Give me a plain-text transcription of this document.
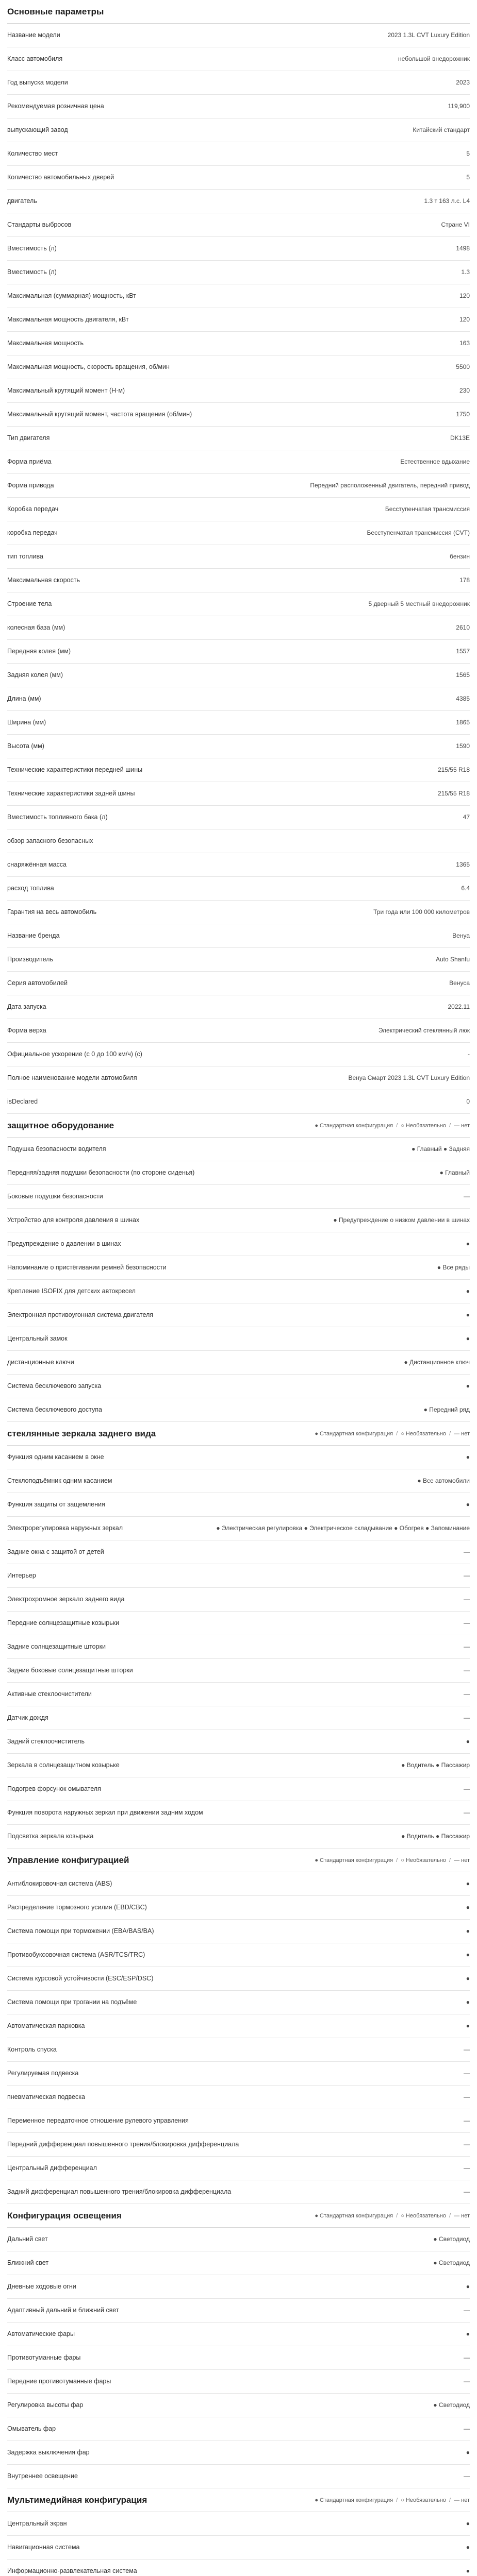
Основные параметры
Название модели	2023 1.3L CVT Luxury Edition
Класс автомобиля	небольшой внедорожник
Год выпуска модели	2023
Рекомендуемая розничная цена	119,900
выпускающий завод	Китайский стандарт
Количество мест	5
Количество автомобильных дверей	5
двигатель	1.3 т 163 л.с. L4
Стандарты выбросов	Стране VI
Вместимость (л)	1498
Вместимость (л)	1.3
Максимальная (суммарная) мощность, кВт	120
Максимальная мощность двигателя, кВт	120
Максимальная мощность	163
Максимальная мощность, скорость вращения, об/мин	5500
Максимальный крутящий момент (Н·м)	230
Максимальный крутящий момент, частота вращения (об/мин)	1750
Тип двигателя	DK13E
Форма приёма	Естественное вдыхание
Форма привода	Передний расположенный двигатель, передний привод
Коробка передач	Бесступенчатая трансмиссия
коробка передач	Бесступенчатая трансмиссия (CVT)
тип топлива	бензин
Максимальная скорость	178
Строение тела	5 дверный 5 местный внедорожник
колесная база (мм)	2610
Передняя колея (мм)	1557
Задняя колея (мм)	1565
Длина (мм)	4385
Ширина (мм)	1865
Высота (мм)	1590
Технические характеристики передней шины	215/55 R18
Технические характеристики задней шины	215/55 R18
Вместимость топливного бака (л)	47
обзор запасного безопасных
снаряжённая масса	1365
расход топлива	6.4
Гарантия на весь автомобиль	Три года или 100 000 километров
Название бренда	Венуа
Производитель	Auto Shanfu
Серия автомобилей	Венуса
Дата запуска	2022.11
Форма верха	Электрический стеклянный люк
Официальное ускорение (с 0 до 100 км/ч) (с)	-
Полное наименование модели автомобиля	Венуа Смарт 2023 1.3L CVT Luxury Edition
isDeclared	0
защитное оборудование	● Стандартная конфигурация / ○ Необязательно / — нет
Подушка безопасности водителя	● Главный ● Задняя
Передняя/задняя подушки безопасности (по стороне сиденья)	● Главный
Боковые подушки безопасности	—
Устройство для контроля давления в шинах	● Предупреждение о низком давлении в шинах
Предупреждение о давлении в шинах	●
Напоминание о пристёгивании ремней безопасности	● Все ряды
Крепление ISOFIX для детских автокресел	●
Электронная противоугонная система двигателя	●
Центральный замок	●
дистанционные ключи	● Дистанционное ключ
Система бесключевого запуска	●
Система бесключевого доступа	● Передний ряд
стеклянные зеркала заднего вида	● Стандартная конфигурация / ○ Необязательно / — нет
Функция одним касанием в окне	●
Стеклоподъёмник одним касанием	● Все автомобили
Функция защиты от защемления	●
Электрорегулировка наружных зеркал	● Электрическая регулировка ● Электрическое складывание ● Обогрев ● Запоминание
Задние окна с защитой от детей	—
Интерьер	—
Электрохромное зеркало заднего вида	—
Передние солнцезащитные козырьки	—
Задние солнцезащитные шторки	—
Задние боковые солнцезащитные шторки	—
Активные стеклоочистители	—
Датчик дождя	—
Задний стеклоочиститель	●
Зеркала в солнцезащитном козырьке	● Водитель ● Пассажир
Подогрев форсунок омывателя	—
Функция поворота наружных зеркал при движении задним ходом	—
Подсветка зеркала козырька	● Водитель ● Пассажир
Управление конфигурацией	● Стандартная конфигурация / ○ Необязательно / — нет
Антиблокировочная система (ABS)	●
Распределение тормозного усилия (EBD/CBC)	●
Система помощи при торможении (EBA/BAS/BA)	●
Противобуксовочная система (ASR/TCS/TRC)	●
Система курсовой устойчивости (ESC/ESP/DSC)	●
Система помощи при трогании на подъёме	●
Автоматическая парковка	●
Контроль спуска	—
Регулируемая подвеска	—
пневматическая подвеска	—
Переменное передаточное отношение рулевого управления	—
Передний дифференциал повышенного трения/блокировка дифференциала	—
Центральный дифференциал	—
Задний дифференциал повышенного трения/блокировка дифференциала	—
Конфигурация освещения	● Стандартная конфигурация / ○ Необязательно / — нет
Дальний свет	● Светодиод
Ближний свет	● Светодиод
Дневные ходовые огни	●
Адаптивный дальний и ближний свет	—
Автоматические фары	●
Противотуманные фары	—
Передние противотуманные фары	—
Регулировка высоты фар	● Светодиод
Омыватель фар	—
Задержка выключения фар	●
Внутреннее освещение	—
Мультимедийная конфигурация	● Стандартная конфигурация / ○ Необязательно / — нет
Центральный экран	●
Навигационная система	●
Информационно-развлекательная система	●
